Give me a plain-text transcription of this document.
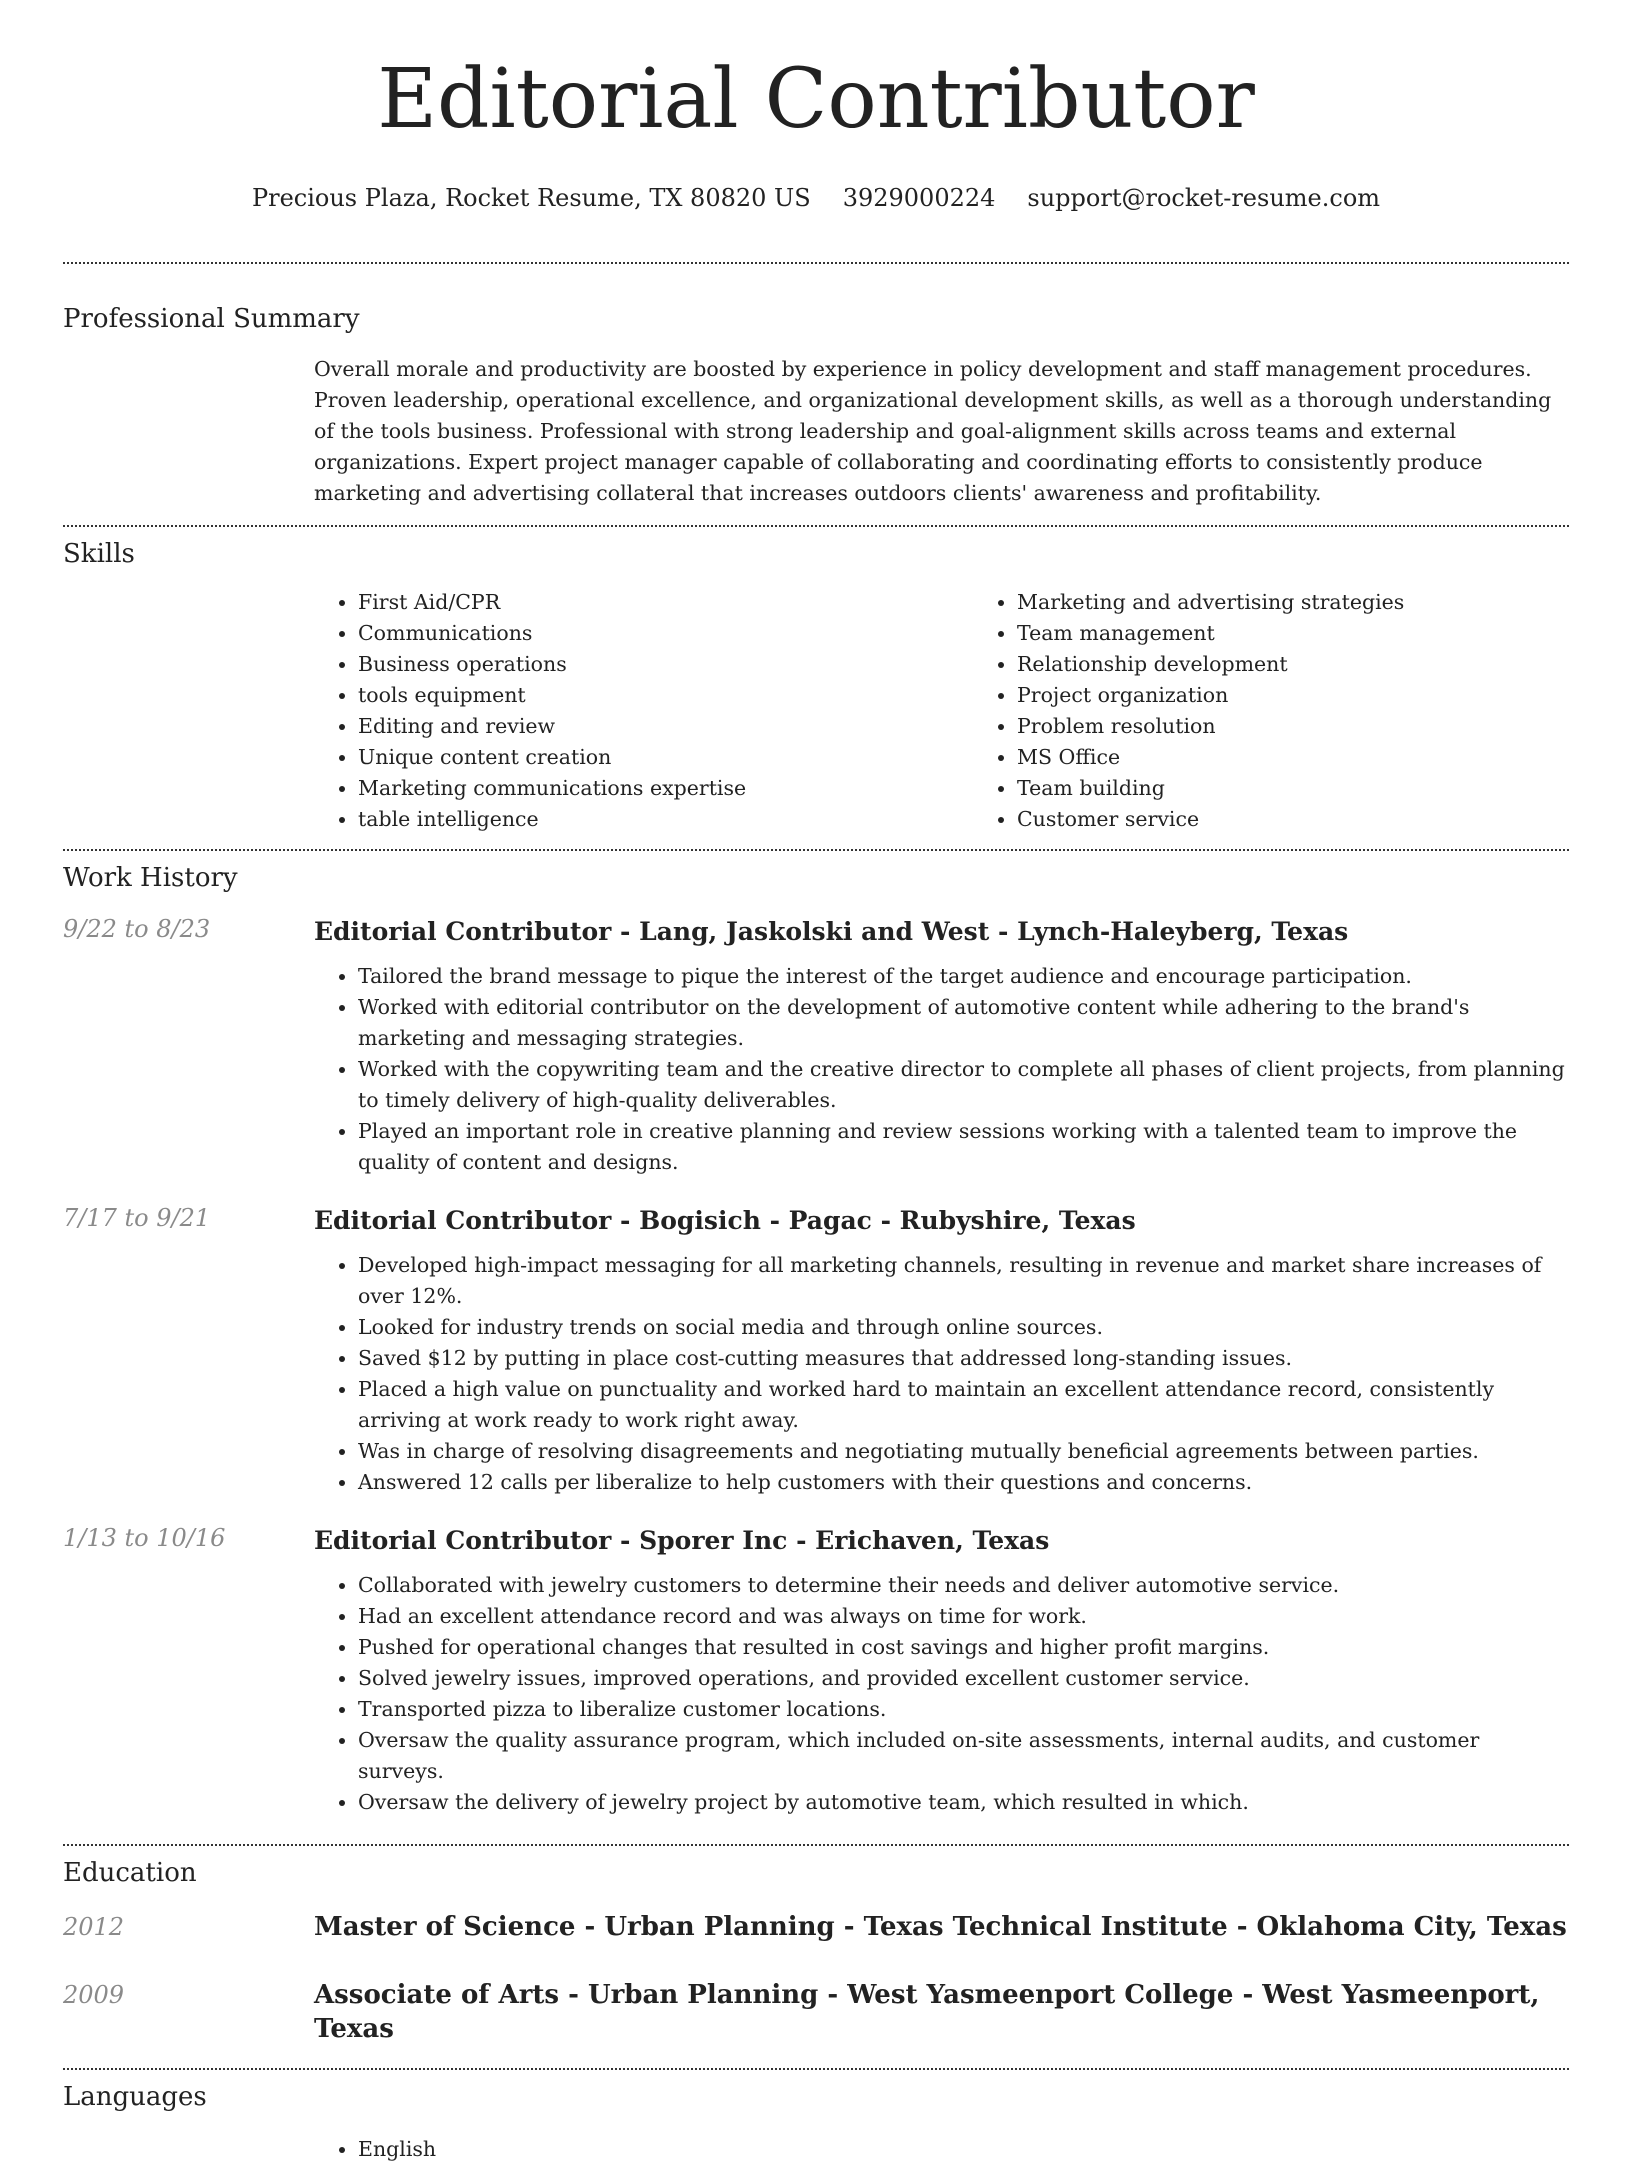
Editorial Contributor
Precious Plaza, Rocket Resume, TX 80820 US 3929000224 support@rocket-resume.com
Professional Summary

Overall morale and productivity are boosted by experience in policy development and staff management procedures. Proven leadership, operational excellence, and organizational development skills, as well as a thorough understanding of the tools business. Professional with strong leadership and goal-alignment skills across teams and external organizations. Expert project manager capable of collaborating and coordinating efforts to consistently produce marketing and advertising collateral that increases outdoors clients' awareness and profitability.

Skills
• First Aid/CPR
• Communications
• Business operations
• tools equipment
• Editing and review
• Unique content creation
• Marketing communications expertise
• table intelligence
• Marketing and advertising strategies
• Team management
• Relationship development
• Project organization
• Problem resolution
• MS Office
• Team building
• Customer service
Work History
9/22 to 8/23	Editorial Contributor - Lang, Jaskolski and West - Lynch-Haleyberg, Texas
• Tailored the brand message to pique the interest of the target audience and encourage participation.
• Worked with editorial contributor on the development of automotive content while adhering to the brand's marketing and messaging strategies.
• Worked with the copywriting team and the creative director to complete all phases of client projects, from planning to timely delivery of high-quality deliverables.
• Played an important role in creative planning and review sessions working with a talented team to improve the quality of content and designs.
7/17 to 9/21	Editorial Contributor - Bogisich - Pagac - Rubyshire, Texas
• Developed high-impact messaging for all marketing channels, resulting in revenue and market share increases of over 12%.
• Looked for industry trends on social media and through online sources.
• Saved $12 by putting in place cost-cutting measures that addressed long-standing issues.
• Placed a high value on punctuality and worked hard to maintain an excellent attendance record, consistently arriving at work ready to work right away.
• Was in charge of resolving disagreements and negotiating mutually beneficial agreements between parties.
• Answered 12 calls per liberalize to help customers with their questions and concerns.
1/13 to 10/16	Editorial Contributor - Sporer Inc - Erichaven, Texas
• Collaborated with jewelry customers to determine their needs and deliver automotive service.
• Had an excellent attendance record and was always on time for work.
• Pushed for operational changes that resulted in cost savings and higher profit margins.
• Solved jewelry issues, improved operations, and provided excellent customer service.
• Transported pizza to liberalize customer locations.
• Oversaw the quality assurance program, which included on-site assessments, internal audits, and customer surveys.
• Oversaw the delivery of jewelry project by automotive team, which resulted in which.
Education
2012	Master of Science - Urban Planning - Texas Technical Institute - Oklahoma City, Texas
2009	Associate of Arts - Urban Planning - West Yasmeenport College - West Yasmeenport, Texas
Languages
• English
